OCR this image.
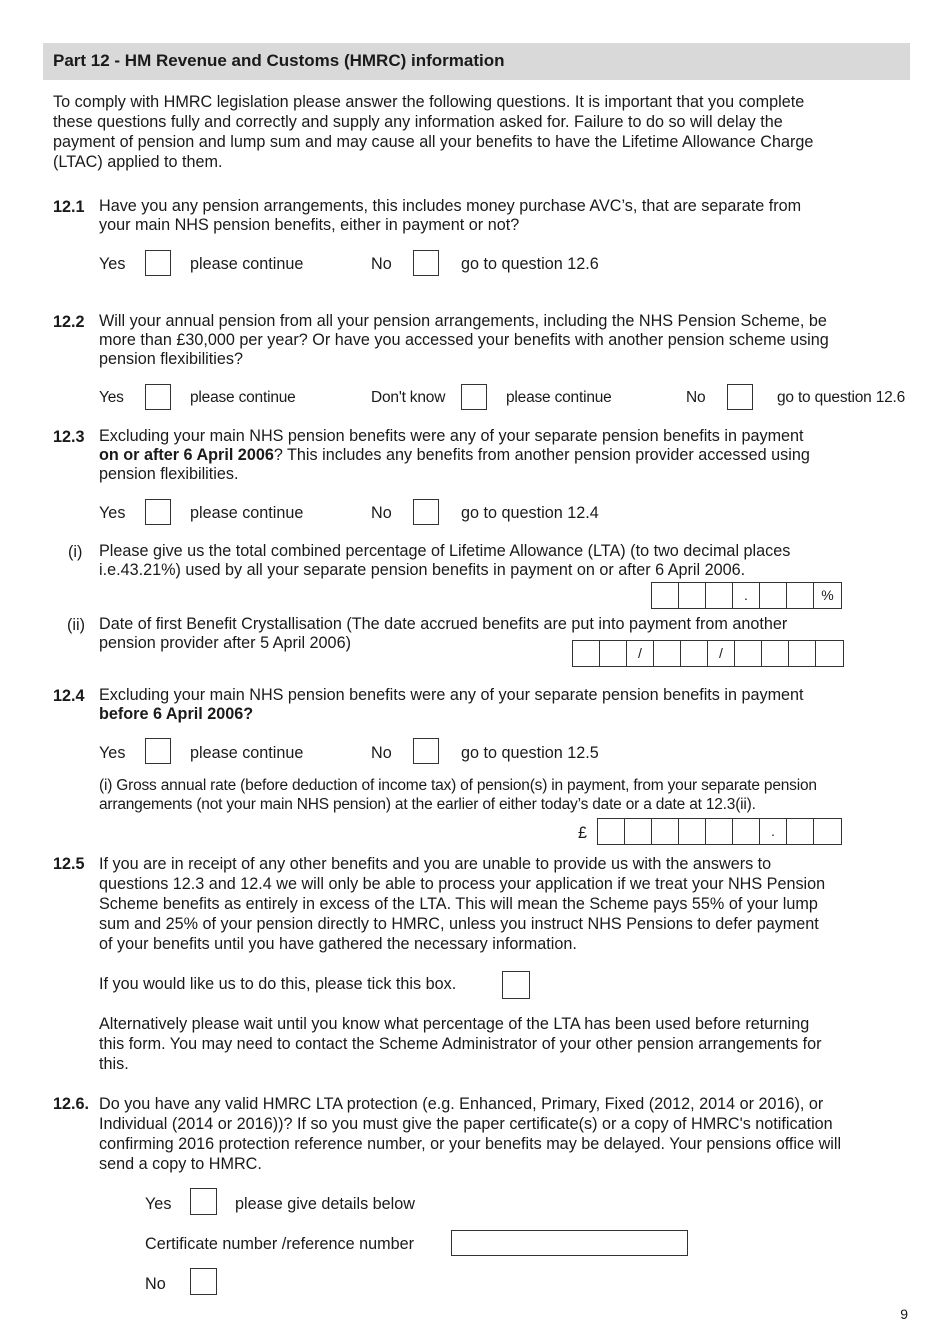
Part 12 - HM Revenue and Customs (HMRC) information
To comply with HMRC legislation please answer the following questions. It is important that you complete
these questions fully and correctly and supply any information asked for. Failure to do so will delay the
payment of pension and lump sum and may cause all your benefits to have the Lifetime Allowance Charge
(LTAC) applied to them.
12.1 Have you any pension arrangements, this includes money purchase AVC’s, that are separate from
your main NHS pension benefits, either in payment or not?
Yes	please continue	No	go to question 12.6
12.2 Will your annual pension from all your pension arrangements, including the NHS Pension Scheme, be
more than £30,000 per year? Or have you accessed your benefits with another pension scheme using
pension flexibilities?
Yes	please continue	Don't know	please continue	No	go to question 12.6
12.3 Excluding your main NHS pension benefits were any of your separate pension benefits in payment
on or after 6 April 2006? This includes any benefits from another pension provider accessed using
pension flexibilities.
Yes	please continue	No	go to question 12.4
(i) Please give us the total combined percentage of Lifetime Allowance (LTA) (to two decimal places
i.e.43.21%) used by all your separate pension benefits in payment on or after 6 April 2006.
.	%
(ii) Date of first Benefit Crystallisation (The date accrued benefits are put into payment from another
pension provider after 5 April 2006)
/	/
12.4 Excluding your main NHS pension benefits were any of your separate pension benefits in payment
before 6 April 2006?
Yes	please continue	No	go to question 12.5
(i) Gross annual rate (before deduction of income tax) of pension(s) in payment, from your separate pension
arrangements (not your main NHS pension) at the earlier of either today’s date or a date at 12.3(ii).
£	.
12.5 If you are in receipt of any other benefits and you are unable to provide us with the answers to
questions 12.3 and 12.4 we will only be able to process your application if we treat your NHS Pension
Scheme benefits as entirely in excess of the LTA. This will mean the Scheme pays 55% of your lump
sum and 25% of your pension directly to HMRC, unless you instruct NHS Pensions to defer payment
of your benefits until you have gathered the necessary information.
If you would like us to do this, please tick this box.
Alternatively please wait until you know what percentage of the LTA has been used before returning
this form. You may need to contact the Scheme Administrator of your other pension arrangements for
this.
12.6. Do you have any valid HMRC LTA protection (e.g. Enhanced, Primary, Fixed (2012, 2014 or 2016), or
Individual (2014 or 2016))? If so you must give the paper certificate(s) or a copy of HMRC's notification
confirming 2016 protection reference number, or your benefits may be delayed. Your pensions office will
send a copy to HMRC.
Yes	please give details below
Certificate number /reference number
No
9
